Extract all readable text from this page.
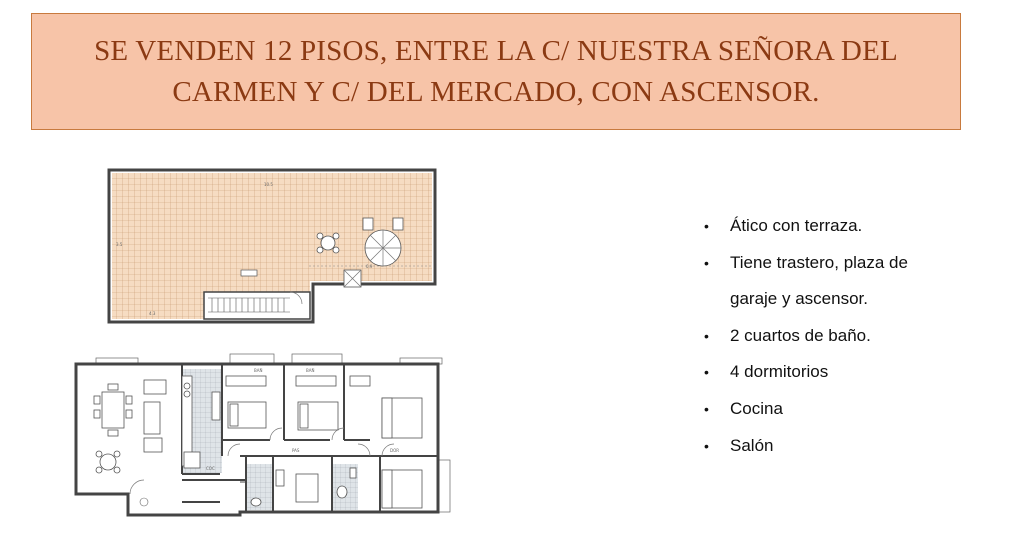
SE VENDEN 12 PISOS, ENTRE LA C/ NUESTRA SEÑORA DEL
CARMEN Y C/ DEL MERCADO, CON ASCENSOR.
10.5
3.5
4.3
0.9
BAÑ	BAÑ
DOR
PAS
COC
• Ático con terraza.
• Tiene trastero, plaza de
garaje y ascensor.
• 2 cuartos de baño.
• 4 dormitorios
• Cocina
• Salón
